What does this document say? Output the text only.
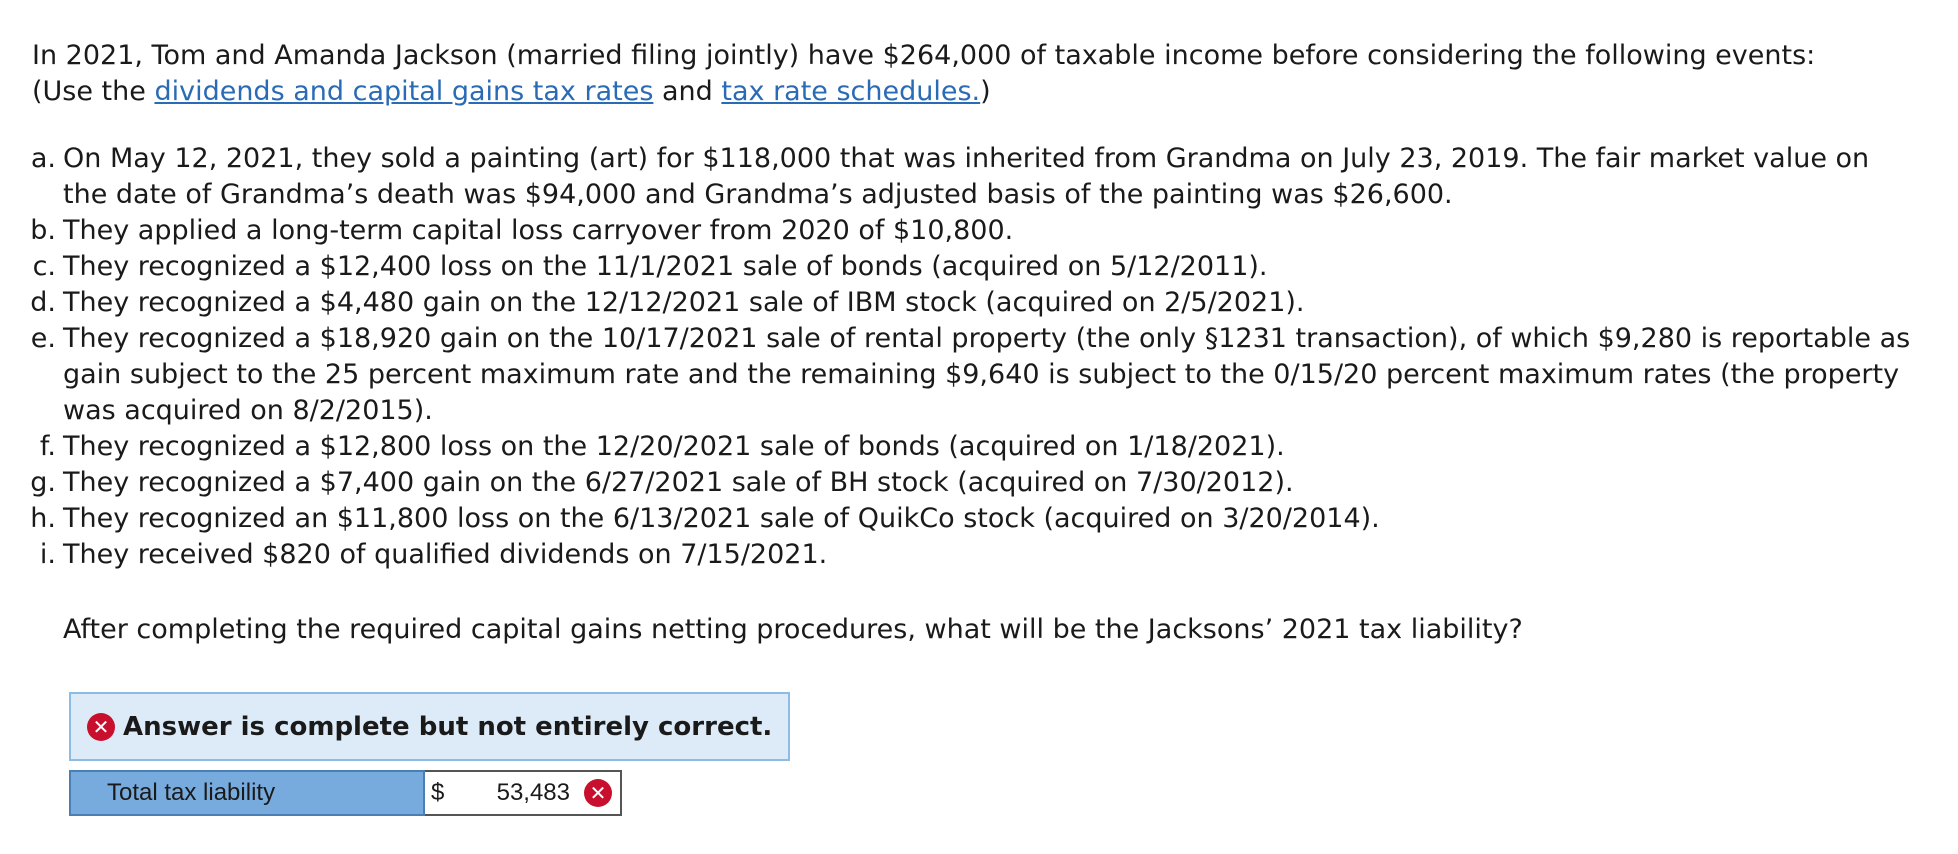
In 2021, Tom and Amanda Jackson (married filing jointly) have $264,000 of taxable income before considering the following events:

(Use the dividends and capital gains tax rates and tax rate schedules.)

a. On May 12, 2021, they sold a painting (art) for $118,000 that was inherited from Grandma on July 23, 2019. The fair market value on the date of Grandma’s death was $94,000 and Grandma’s adjusted basis of the painting was $26,600.
b. They applied a long-term capital loss carryover from 2020 of $10,800.
c. They recognized a $12,400 loss on the 11/1/2021 sale of bonds (acquired on 5/12/2011).
d. They recognized a $4,480 gain on the 12/12/2021 sale of IBM stock (acquired on 2/5/2021).
e. They recognized a $18,920 gain on the 10/17/2021 sale of rental property (the only §1231 transaction), of which $9,280 is reportable as gain subject to the 25 percent maximum rate and the remaining $9,640 is subject to the 0/15/20 percent maximum rates (the property was acquired on 8/2/2015).
f. They recognized a $12,800 loss on the 12/20/2021 sale of bonds (acquired on 1/18/2021).
g. They recognized a $7,400 gain on the 6/27/2021 sale of BH stock (acquired on 7/30/2012).
h. They recognized an $11,800 loss on the 6/13/2021 sale of QuikCo stock (acquired on 3/20/2014).
i. They received $820 of qualified dividends on 7/15/2021.

After completing the required capital gains netting procedures, what will be the Jacksons’ 2021 tax liability?

✕ Answer is complete but not entirely correct.
Total tax liability	$ 53,483 ✕
